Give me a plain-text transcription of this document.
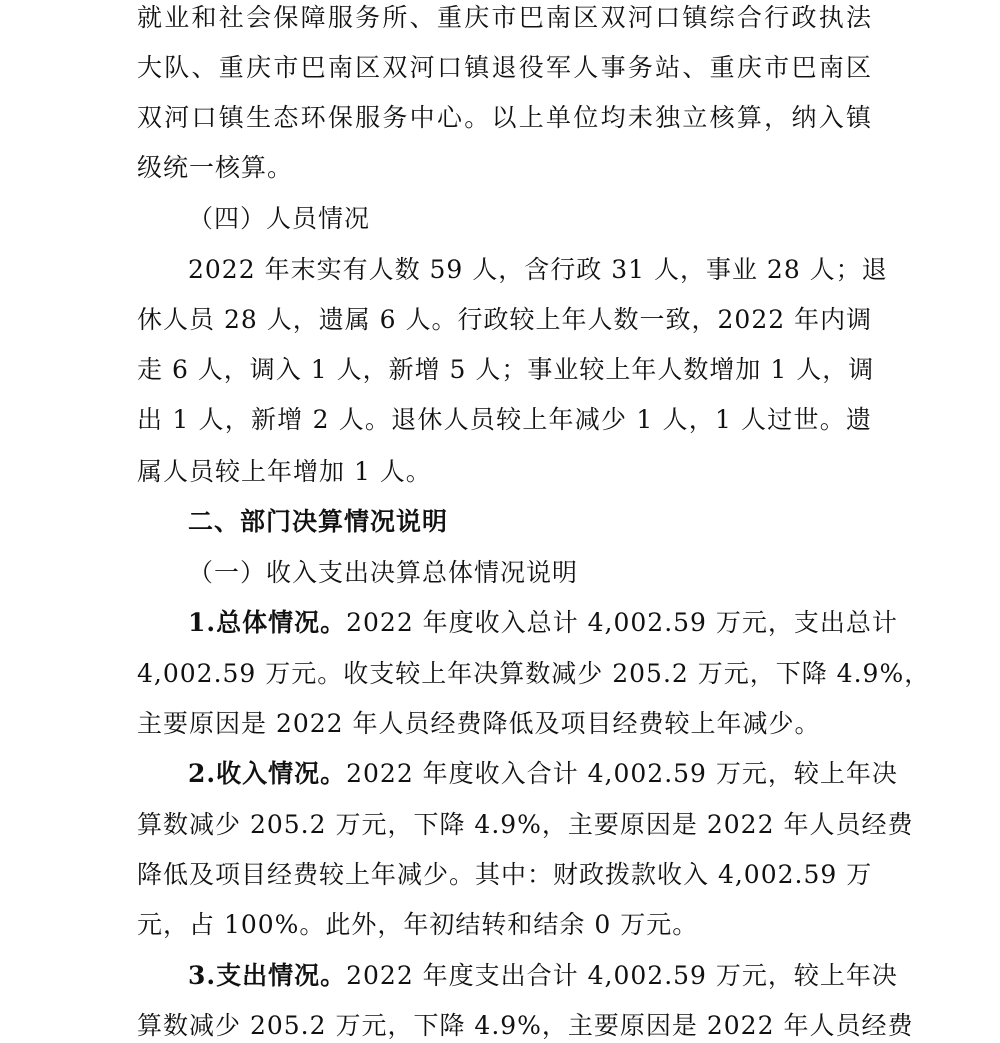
就业和社会保障服务所、重庆市巴南区双河口镇综合行政执法
大队、重庆市巴南区双河口镇退役军人事务站、重庆市巴南区
双河口镇生态环保服务中心。以上单位均未独立核算，纳入镇
级统一核算。
（四）人员情况
2022 年末实有人数 59 人，含行政 31 人，事业 28 人；退
休人员 28 人，遗属 6 人。行政较上年人数一致，2022 年内调
走 6 人，调入 1 人，新增 5 人；事业较上年人数增加 1 人，调
出 1 人，新增 2 人。退休人员较上年减少 1 人，1 人过世。遗
属人员较上年增加 1 人。
二、部门决算情况说明
（一）收入支出决算总体情况说明
1.总体情况。2022 年度收入总计 4,002.59 万元，支出总计
4,002.59 万元。收支较上年决算数减少 205.2 万元，下降 4.9%，
主要原因是 2022 年人员经费降低及项目经费较上年减少。
2.收入情况。2022 年度收入合计 4,002.59 万元，较上年决
算数减少 205.2 万元，下降 4.9%，主要原因是 2022 年人员经费
降低及项目经费较上年减少。其中：财政拨款收入 4,002.59 万
元，占 100%。此外，年初结转和结余 0 万元。
3.支出情况。2022 年度支出合计 4,002.59 万元，较上年决
算数减少 205.2 万元，下降 4.9%，主要原因是 2022 年人员经费
